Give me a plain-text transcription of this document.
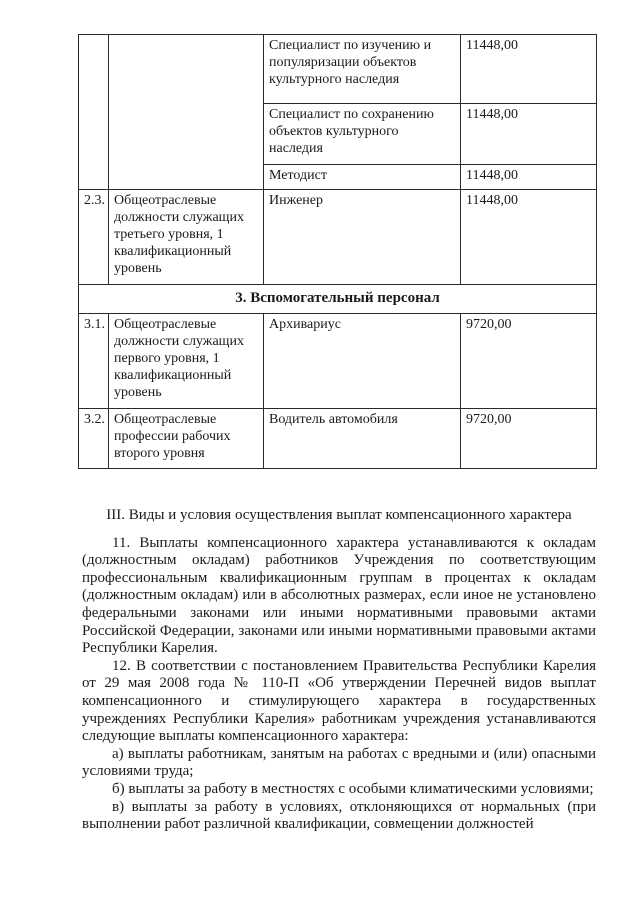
		Специалист по изучению и популяризации объектов культурного наследия	11448,00
		Специалист по сохранению объектов культурного наследия	11448,00
		Методист	11448,00
2.3.	Общеотраслевые должности служащих третьего уровня, 1 квалификационный уровень	Инженер	11448,00
3. Вспомогательный персонал			
3.1.	Общеотраслевые должности служащих первого уровня, 1 квалификационный уровень	Архивариус	9720,00
3.2.	Общеотраслевые профессии рабочих второго уровня	Водитель автомобиля	9720,00

III. Виды и условия осуществления выплат компенсационного характера

11. Выплаты компенсационного характера устанавливаются к окладам (должностным окладам) работников Учреждения по соответствующим профессиональным квалификационным группам в процентах к окладам (должностным окладам) или в абсолютных размерах, если иное не установлено федеральными законами или иными нормативными правовыми актами Российской Федерации, законами или иными нормативными правовыми актами Республики Карелия.

12. В соответствии с постановлением Правительства Республики Карелия от 29 мая 2008 года № 110-П «Об утверждении Перечней видов выплат компенсационного и стимулирующего характера в государственных учреждениях Республики Карелия» работникам учреждения устанавливаются следующие выплаты компенсационного характера:

а) выплаты работникам, занятым на работах с вредными и (или) опасными условиями труда;

б) выплаты за работу в местностях с особыми климатическими условиями;

в) выплаты за работу в условиях, отклоняющихся от нормальных (при выполнении работ различной квалификации, совмещении должностей
